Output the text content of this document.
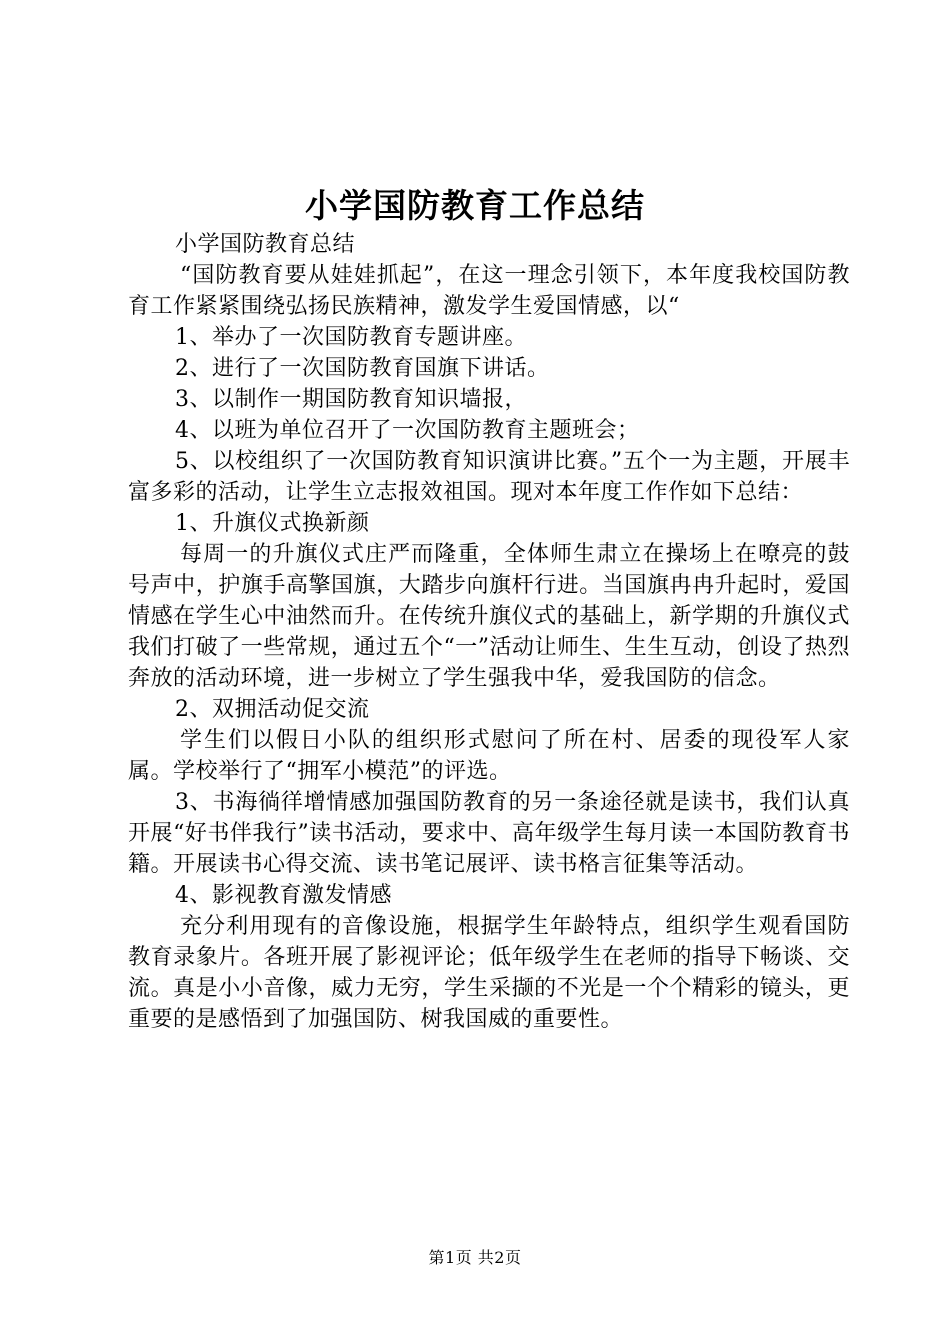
小学国防教育工作总结

小学国防教育总结

“国防教育要从娃娃抓起”，在这一理念引领下，本年度我校国防教育工作紧紧围绕弘扬民族精神，激发学生爱国情感，以“

1、举办了一次国防教育专题讲座。

2、进行了一次国防教育国旗下讲话。

3、以制作一期国防教育知识墙报，

4、以班为单位召开了一次国防教育主题班会；

5、以校组织了一次国防教育知识演讲比赛。”五个一为主题，开展丰富多彩的活动，让学生立志报效祖国。现对本年度工作作如下总结：

1、升旗仪式换新颜

每周一的升旗仪式庄严而隆重，全体师生肃立在操场上在嘹亮的鼓号声中，护旗手高擎国旗，大踏步向旗杆行进。当国旗冉冉升起时，爱国情感在学生心中油然而升。在传统升旗仪式的基础上，新学期的升旗仪式我们打破了一些常规，通过五个“一”活动让师生、生生互动，创设了热烈奔放的活动环境，进一步树立了学生强我中华，爱我国防的信念。

2、双拥活动促交流

学生们以假日小队的组织形式慰问了所在村、居委的现役军人家属。学校举行了“拥军小模范”的评选。

3、书海徜徉增情感加强国防教育的另一条途径就是读书，我们认真开展“好书伴我行”读书活动，要求中、高年级学生每月读一本国防教育书籍。开展读书心得交流、读书笔记展评、读书格言征集等活动。

4、影视教育激发情感

充分利用现有的音像设施，根据学生年龄特点，组织学生观看国防教育录象片。各班开展了影视评论；低年级学生在老师的指导下畅谈、交流。真是小小音像，威力无穷，学生采撷的不光是一个个精彩的镜头，更重要的是感悟到了加强国防、树我国威的重要性。

第1页 共2页
